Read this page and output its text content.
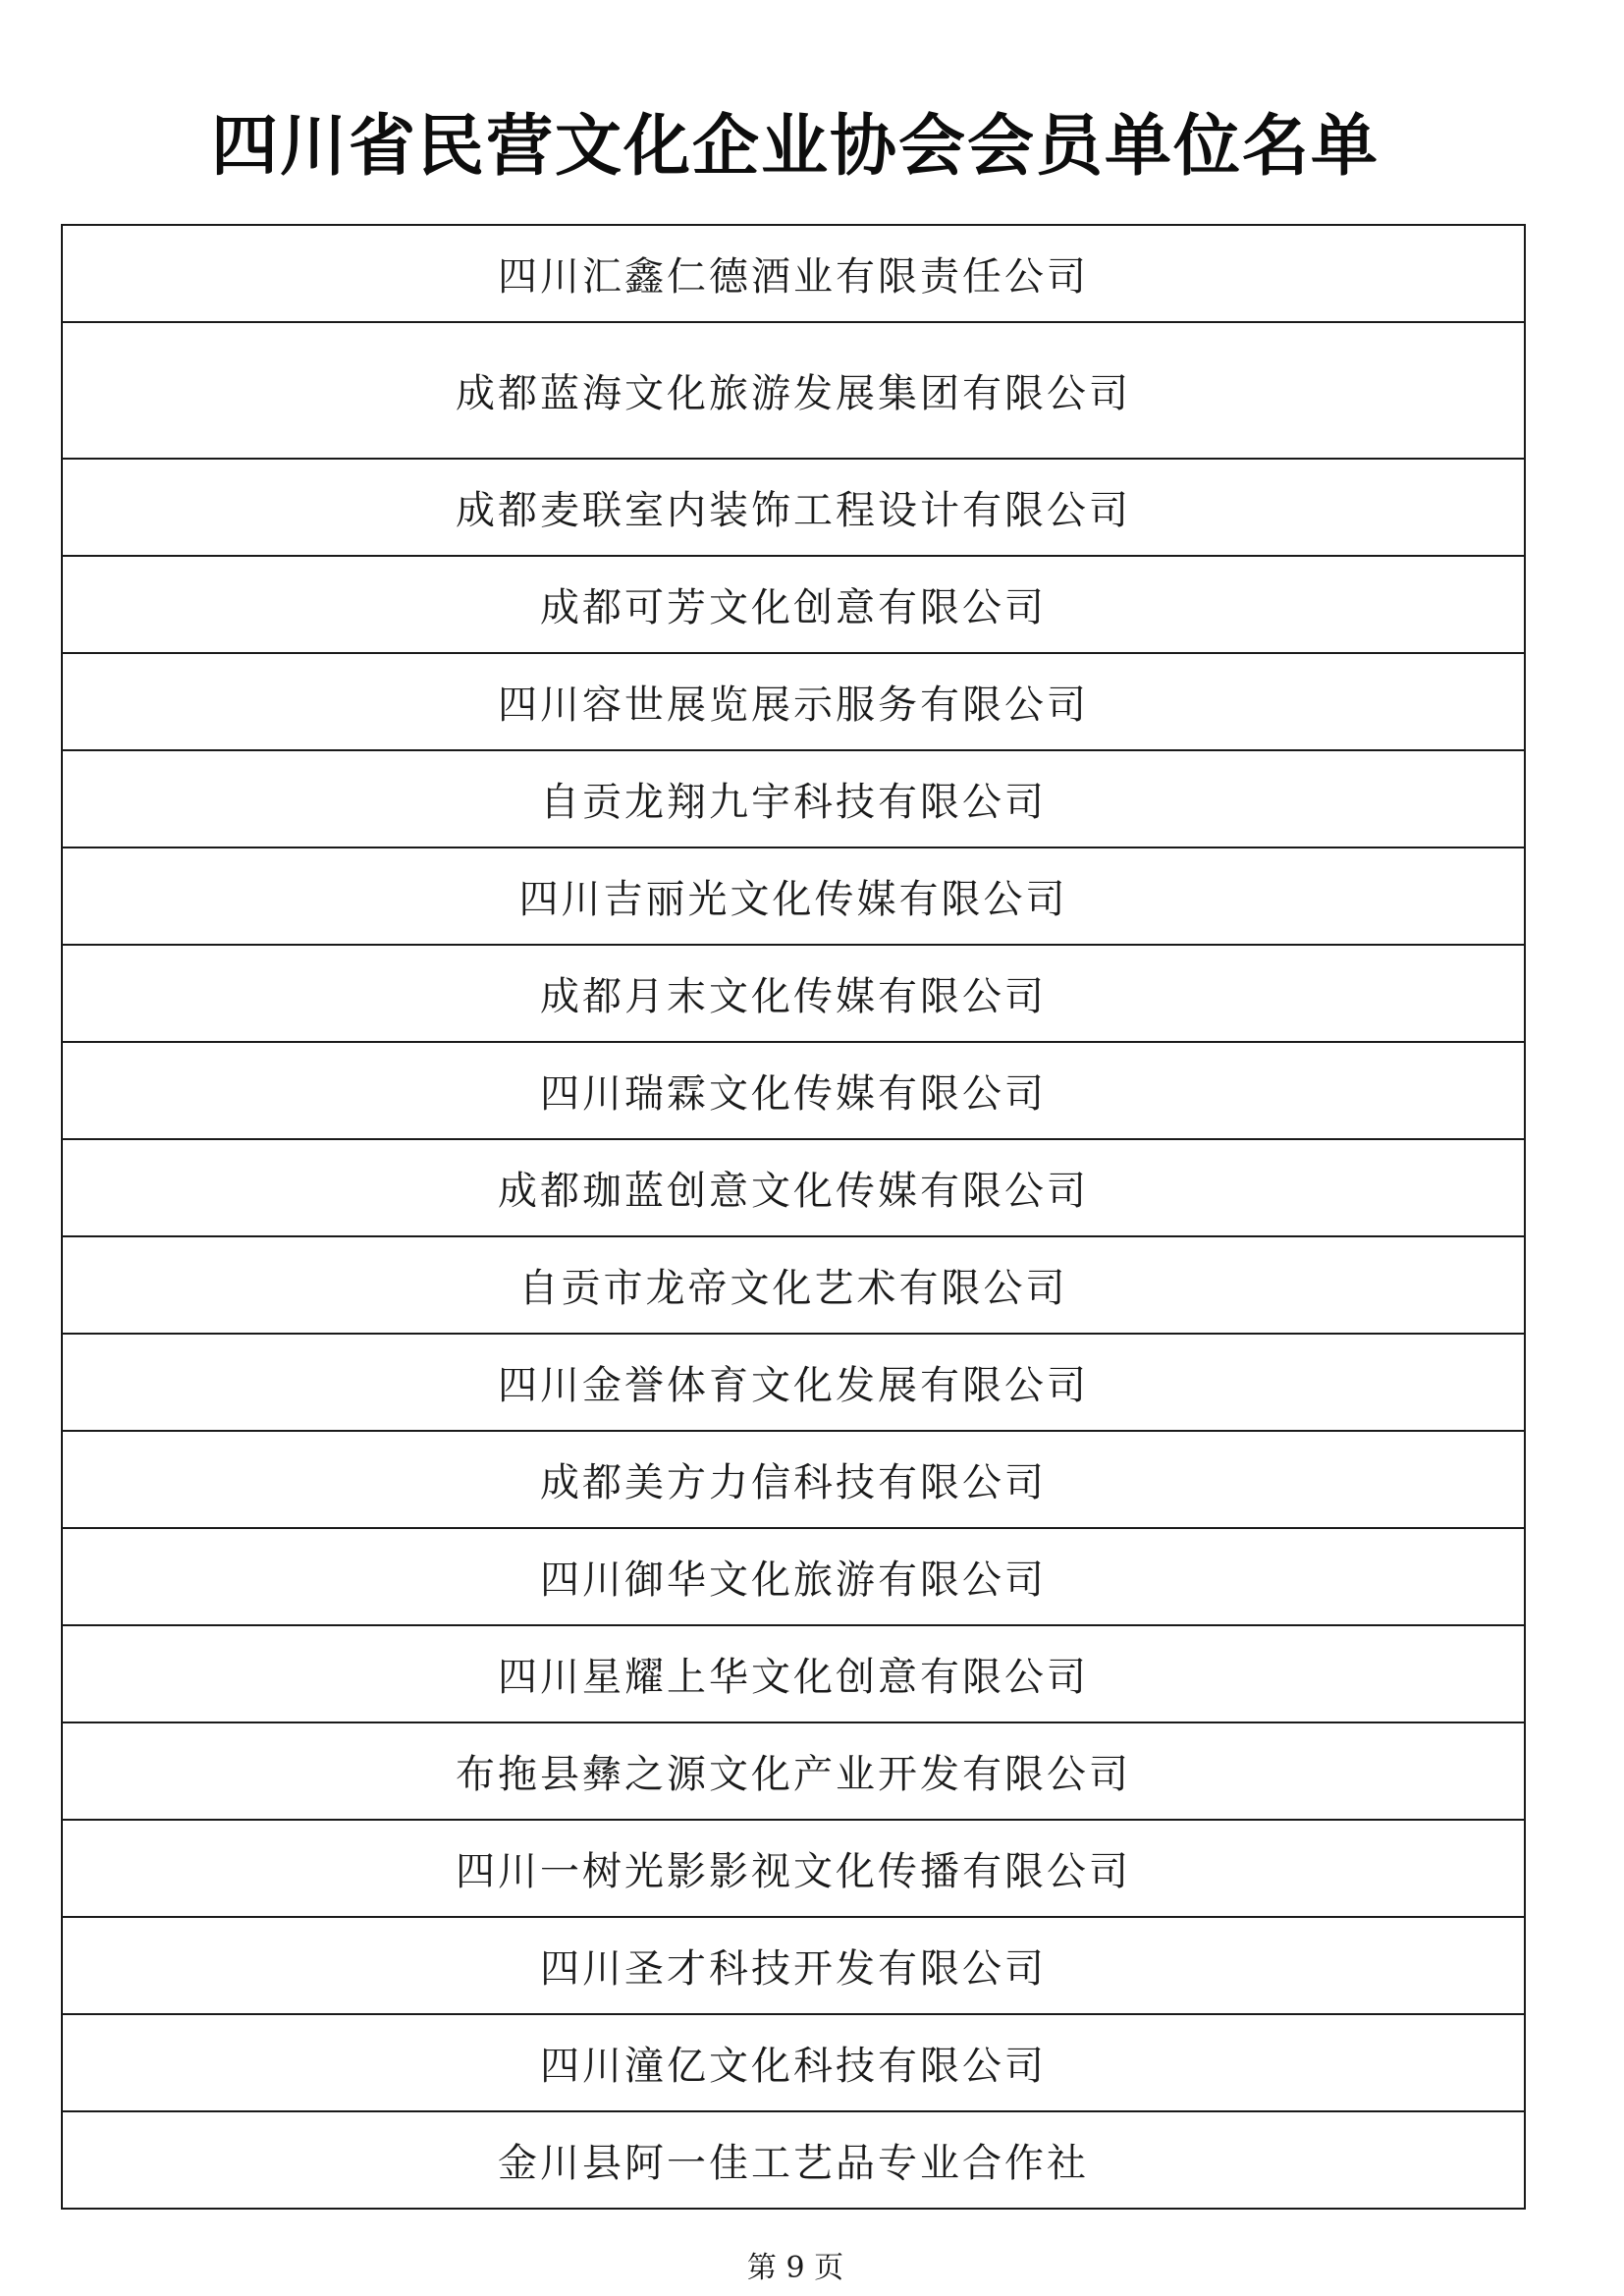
四川省民营文化企业协会会员单位名单
四川汇鑫仁德酒业有限责任公司
成都蓝海文化旅游发展集团有限公司
成都麦联室内装饰工程设计有限公司
成都可芳文化创意有限公司
四川容世展览展示服务有限公司
自贡龙翔九宇科技有限公司
四川吉丽光文化传媒有限公司
成都月末文化传媒有限公司
四川瑞霖文化传媒有限公司
成都珈蓝创意文化传媒有限公司
自贡市龙帝文化艺术有限公司
四川金誉体育文化发展有限公司
成都美方力信科技有限公司
四川御华文化旅游有限公司
四川星耀上华文化创意有限公司
布拖县彝之源文化产业开发有限公司
四川一树光影影视文化传播有限公司
四川圣才科技开发有限公司
四川潼亿文化科技有限公司
金川县阿一佳工艺品专业合作社
第 9 页
